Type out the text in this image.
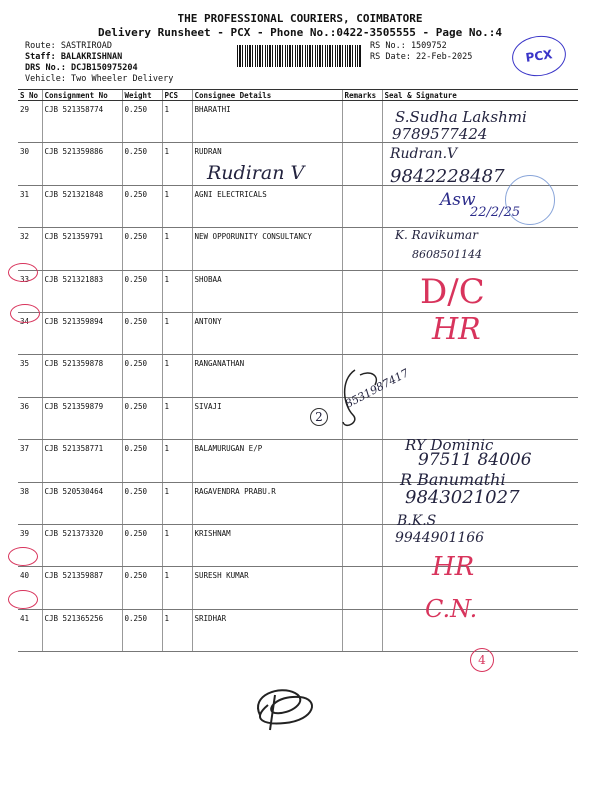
THE PROFESSIONAL COURIERS, COIMBATORE
Delivery Runsheet - PCX - Phone No.:0422-3505555 - Page No.:4
Route: SASTRIROAD
Staff: BALAKRISHNAN
DRS No.: DCJB150975204
Vehicle: Two Wheeler Delivery
RS No.: 1509752
RS Date: 22-Feb-2025	PCX
S No	Consignment No	Weight	PCS	Consignee Details	Remarks	Seal & Signature
29	CJB 521358774	0.250	1	BHARATHI		
30	CJB 521359886	0.250	1	RUDRAN		
31	CJB 521321848	0.250	1	AGNI ELECTRICALS		
32	CJB 521359791	0.250	1	NEW OPPORUNITY CONSULTANCY		
33	CJB 521321883	0.250	1	SHOBAA		
34	CJB 521359894	0.250	1	ANTONY		
35	CJB 521359878	0.250	1	RANGANATHAN		
36	CJB 521359879	0.250	1	SIVAJI		
37	CJB 521358771	0.250	1	BALAMURUGAN E/P		
38	CJB 520530464	0.250	1	RAGAVENDRA PRABU.R		
39	CJB 521373320	0.250	1	KRISHNAM		
40	CJB 521359887	0.250	1	SURESH KUMAR		
41	CJB 521365256	0.250	1	SRIDHAR		
S.Sudha Lakshmi
9789577424
Rudran.V
9842228487
Rudiran V
Asw
22/2/25
K. Ravikumar
8608501144
D/C
HR
8531987417
2
RY Dominic
97511 84006
R Banumathi
9843021027
B.K.S
9944901166
HR
C.N.
4
